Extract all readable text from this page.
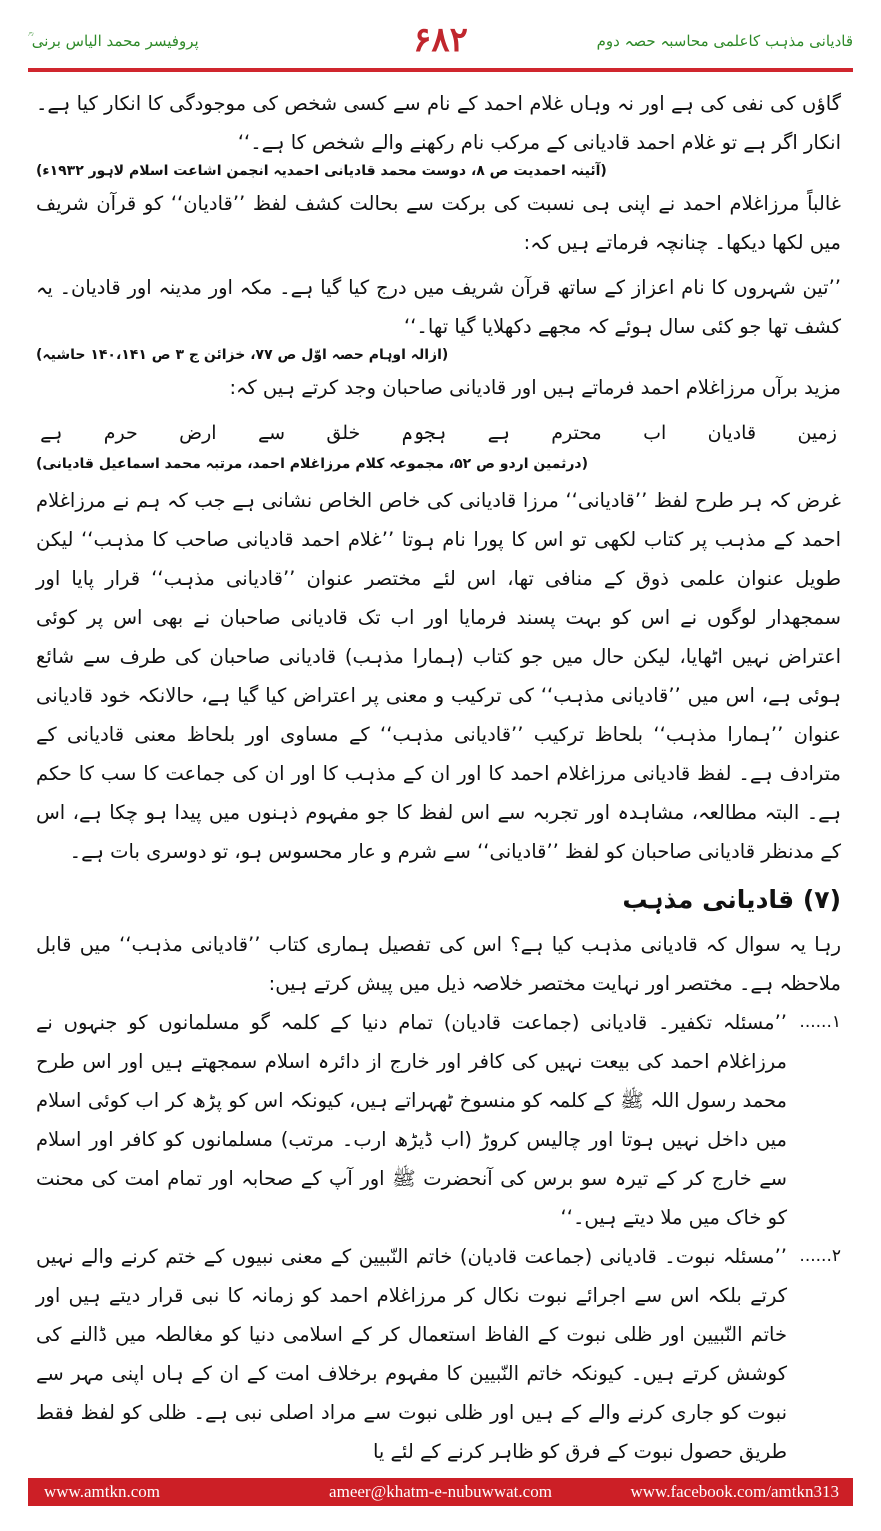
قادیانی مذہب کاعلمی محاسبہ حصہ دوم
۶۸۲
پروفیسر محمد الیاس برنی ؒ

گاؤں کی نفی کی ہے اور نہ وہاں غلام احمد کے نام سے کسی شخص کی موجودگی کا انکار کیا ہے۔ انکار اگر ہے تو غلام احمد قادیانی کے مرکب نام رکھنے والے شخص کا ہے۔‘‘

(آئینہ احمدیت ص ۸، دوست محمد قادیانی احمدیہ انجمن اشاعت اسلام لاہور ۱۹۳۲ء)

غالباً مرزاغلام احمد نے اپنی ہی نسبت کی برکت سے بحالت کشف لفظ ’’قادیان‘‘ کو قرآن شریف میں لکھا دیکھا۔ چنانچہ فرماتے ہیں کہ:

’’تین شہروں کا نام اعزاز کے ساتھ قرآن شریف میں درج کیا گیا ہے۔ مکہ اور مدینہ اور قادیان۔ یہ کشف تھا جو کئی سال ہوئے کہ مجھے دکھلایا گیا تھا۔‘‘

(ازالہ اوہام حصہ اوّل ص ۷۷، خزائن ج ۳ ص ۱۴۰،۱۴۱ حاشیہ)

مزید برآں مرزاغلام احمد فرماتے ہیں اور قادیانی صاحبان وجد کرتے ہیں کہ:

زمین
قادیان
اب
محترم
ہے
ہجوم
خلق
سے
ارض
حرم
ہے

(درثمین اردو ص ۵۲، مجموعہ کلام مرزاغلام احمد، مرتبہ محمد اسماعیل قادیانی)

غرض کہ ہر طرح لفظ ’’قادیانی‘‘ مرزا قادیانی کی خاص الخاص نشانی ہے جب کہ ہم نے مرزاغلام احمد کے مذہب پر کتاب لکھی تو اس کا پورا نام ہوتا ’’غلام احمد قادیانی صاحب کا مذہب‘‘ لیکن طویل عنوان علمی ذوق کے منافی تھا، اس لئے مختصر عنوان ’’قادیانی مذہب‘‘ قرار پایا اور سمجھدار لوگوں نے اس کو بہت پسند فرمایا اور اب تک قادیانی صاحبان نے بھی اس پر کوئی اعتراض نہیں اٹھایا، لیکن حال میں جو کتاب (ہمارا مذہب) قادیانی صاحبان کی طرف سے شائع ہوئی ہے، اس میں ’’قادیانی مذہب‘‘ کی ترکیب و معنی پر اعتراض کیا گیا ہے، حالانکہ خود قادیانی عنوان ’’ہمارا مذہب‘‘ بلحاظ ترکیب ’’قادیانی مذہب‘‘ کے مساوی اور بلحاظ معنی قادیانی کے مترادف ہے۔ لفظ قادیانی مرزاغلام احمد کا اور ان کے مذہب کا اور ان کی جماعت کا سب کا حکم ہے۔ البتہ مطالعہ، مشاہدہ اور تجربہ سے اس لفظ کا جو مفہوم ذہنوں میں پیدا ہو چکا ہے، اس کے مدنظر قادیانی صاحبان کو لفظ ’’قادیانی‘‘ سے شرم و عار محسوس ہو، تو دوسری بات ہے۔

(۷) قادیانی مذہب

رہا یہ سوال کہ قادیانی مذہب کیا ہے؟ اس کی تفصیل ہماری کتاب ’’قادیانی مذہب‘‘ میں قابل ملاحظہ ہے۔ مختصر اور نہایت مختصر خلاصہ ذیل میں پیش کرتے ہیں:

۱......
’’مسئلہ تکفیر۔ قادیانی (جماعت قادیان) تمام دنیا کے کلمہ گو مسلمانوں کو جنہوں نے مرزاغلام احمد کی بیعت نہیں کی کافر اور خارج از دائرہ اسلام سمجھتے ہیں اور اس طرح محمد رسول اللہ ﷺ کے کلمہ کو منسوخ ٹھہراتے ہیں، کیونکہ اس کو پڑھ کر اب کوئی اسلام میں داخل نہیں ہوتا اور چالیس کروڑ (اب ڈیڑھ ارب۔ مرتب) مسلمانوں کو کافر اور اسلام سے خارج کر کے تیرہ سو برس کی آنحضرت ﷺ اور آپ کے صحابہ اور تمام امت کی محنت کو خاک میں ملا دیتے ہیں۔‘‘
۲......
’’مسئلہ نبوت۔ قادیانی (جماعت قادیان) خاتم النّبیین کے معنی نبیوں کے ختم کرنے والے نہیں کرتے بلکہ اس سے اجرائے نبوت نکال کر مرزاغلام احمد کو زمانہ کا نبی قرار دیتے ہیں اور خاتم النّبیین اور ظلی نبوت کے الفاظ استعمال کر کے اسلامی دنیا کو مغالطہ میں ڈالنے کی کوشش کرتے ہیں۔ کیونکہ خاتم النّبیین کا مفہوم برخلاف امت کے ان کے ہاں اپنی مہر سے نبوت کو جاری کرنے والے کے ہیں اور ظلی نبوت سے مراد اصلی نبی ہے۔ ظلی کو لفظ فقط طریق حصول نبوت کے فرق کو ظاہر کرنے کے لئے یا
www.amtkn.com	ameer@khatm-e-nubuwwat.com	www.facebook.com/amtkn313
